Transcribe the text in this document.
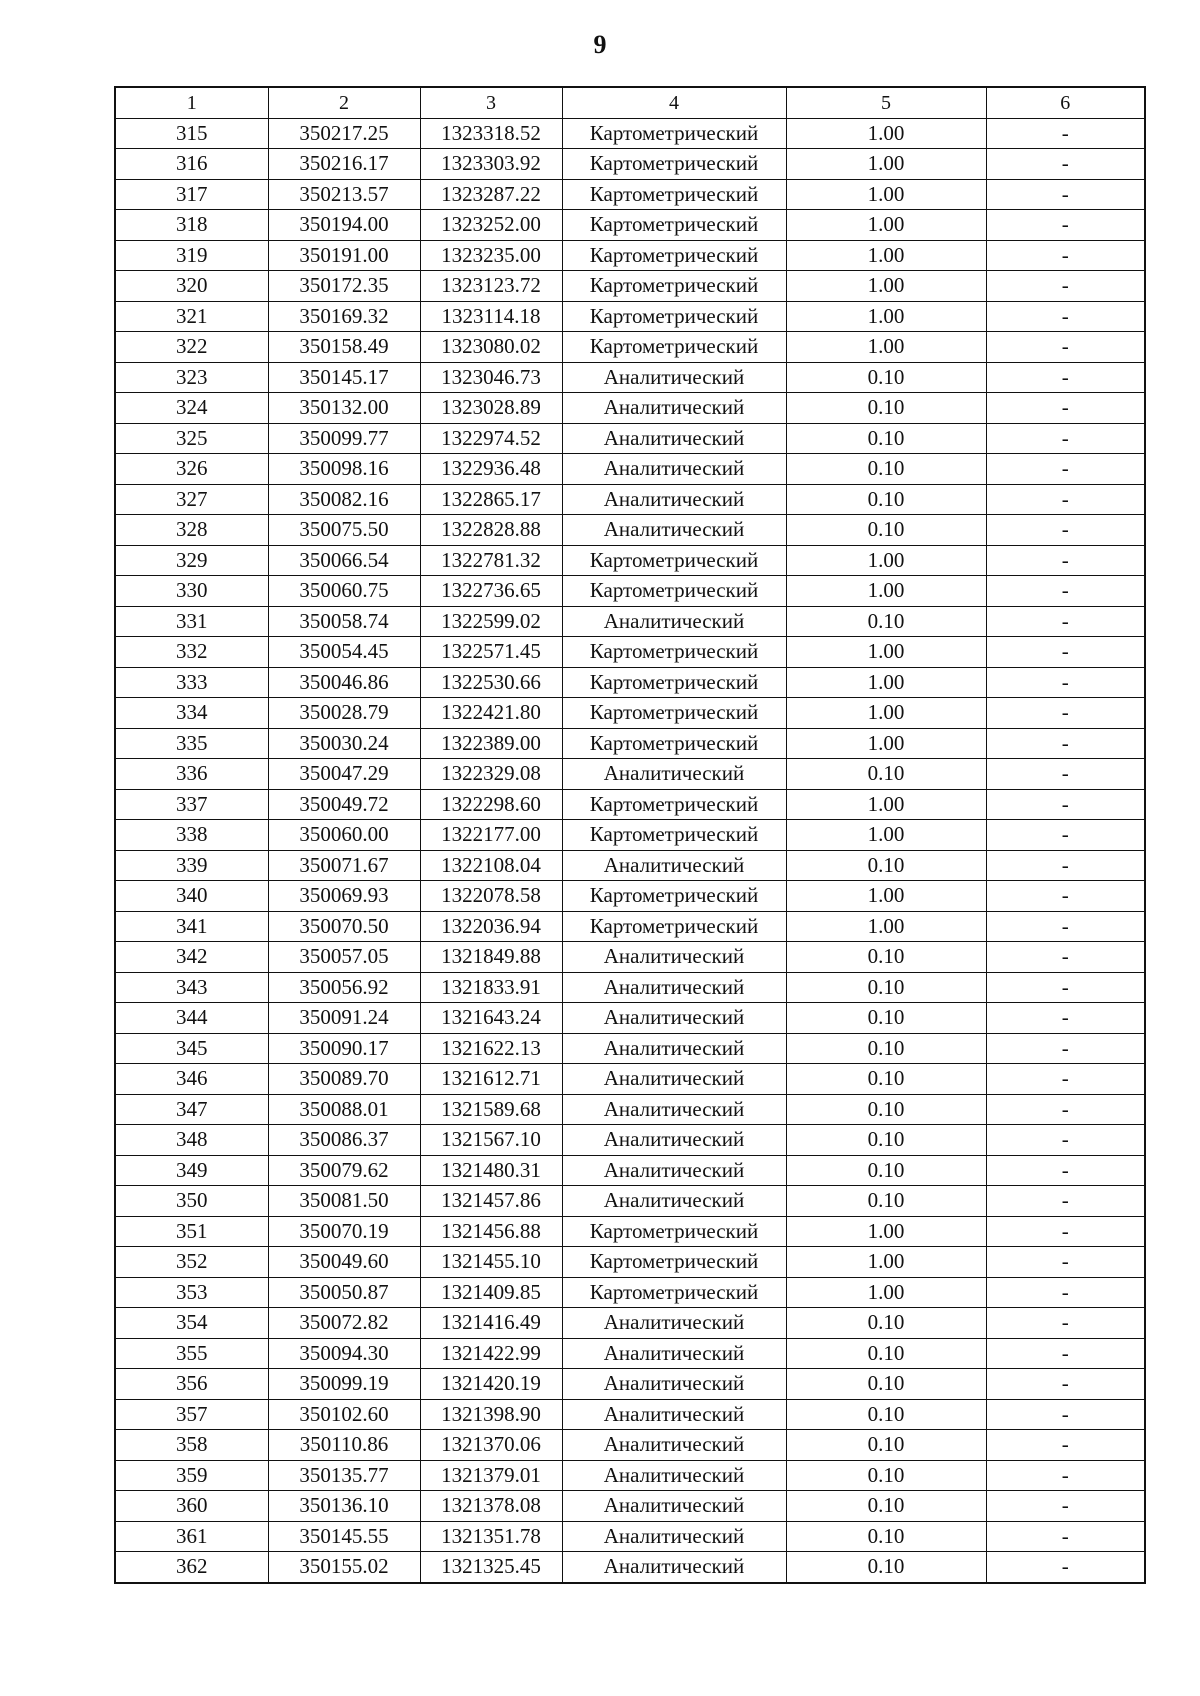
9
1	2	3	4	5	6
315	350217.25	1323318.52	Картометрический	1.00	-
316	350216.17	1323303.92	Картометрический	1.00	-
317	350213.57	1323287.22	Картометрический	1.00	-
318	350194.00	1323252.00	Картометрический	1.00	-
319	350191.00	1323235.00	Картометрический	1.00	-
320	350172.35	1323123.72	Картометрический	1.00	-
321	350169.32	1323114.18	Картометрический	1.00	-
322	350158.49	1323080.02	Картометрический	1.00	-
323	350145.17	1323046.73	Аналитический	0.10	-
324	350132.00	1323028.89	Аналитический	0.10	-
325	350099.77	1322974.52	Аналитический	0.10	-
326	350098.16	1322936.48	Аналитический	0.10	-
327	350082.16	1322865.17	Аналитический	0.10	-
328	350075.50	1322828.88	Аналитический	0.10	-
329	350066.54	1322781.32	Картометрический	1.00	-
330	350060.75	1322736.65	Картометрический	1.00	-
331	350058.74	1322599.02	Аналитический	0.10	-
332	350054.45	1322571.45	Картометрический	1.00	-
333	350046.86	1322530.66	Картометрический	1.00	-
334	350028.79	1322421.80	Картометрический	1.00	-
335	350030.24	1322389.00	Картометрический	1.00	-
336	350047.29	1322329.08	Аналитический	0.10	-
337	350049.72	1322298.60	Картометрический	1.00	-
338	350060.00	1322177.00	Картометрический	1.00	-
339	350071.67	1322108.04	Аналитический	0.10	-
340	350069.93	1322078.58	Картометрический	1.00	-
341	350070.50	1322036.94	Картометрический	1.00	-
342	350057.05	1321849.88	Аналитический	0.10	-
343	350056.92	1321833.91	Аналитический	0.10	-
344	350091.24	1321643.24	Аналитический	0.10	-
345	350090.17	1321622.13	Аналитический	0.10	-
346	350089.70	1321612.71	Аналитический	0.10	-
347	350088.01	1321589.68	Аналитический	0.10	-
348	350086.37	1321567.10	Аналитический	0.10	-
349	350079.62	1321480.31	Аналитический	0.10	-
350	350081.50	1321457.86	Аналитический	0.10	-
351	350070.19	1321456.88	Картометрический	1.00	-
352	350049.60	1321455.10	Картометрический	1.00	-
353	350050.87	1321409.85	Картометрический	1.00	-
354	350072.82	1321416.49	Аналитический	0.10	-
355	350094.30	1321422.99	Аналитический	0.10	-
356	350099.19	1321420.19	Аналитический	0.10	-
357	350102.60	1321398.90	Аналитический	0.10	-
358	350110.86	1321370.06	Аналитический	0.10	-
359	350135.77	1321379.01	Аналитический	0.10	-
360	350136.10	1321378.08	Аналитический	0.10	-
361	350145.55	1321351.78	Аналитический	0.10	-
362	350155.02	1321325.45	Аналитический	0.10	-
